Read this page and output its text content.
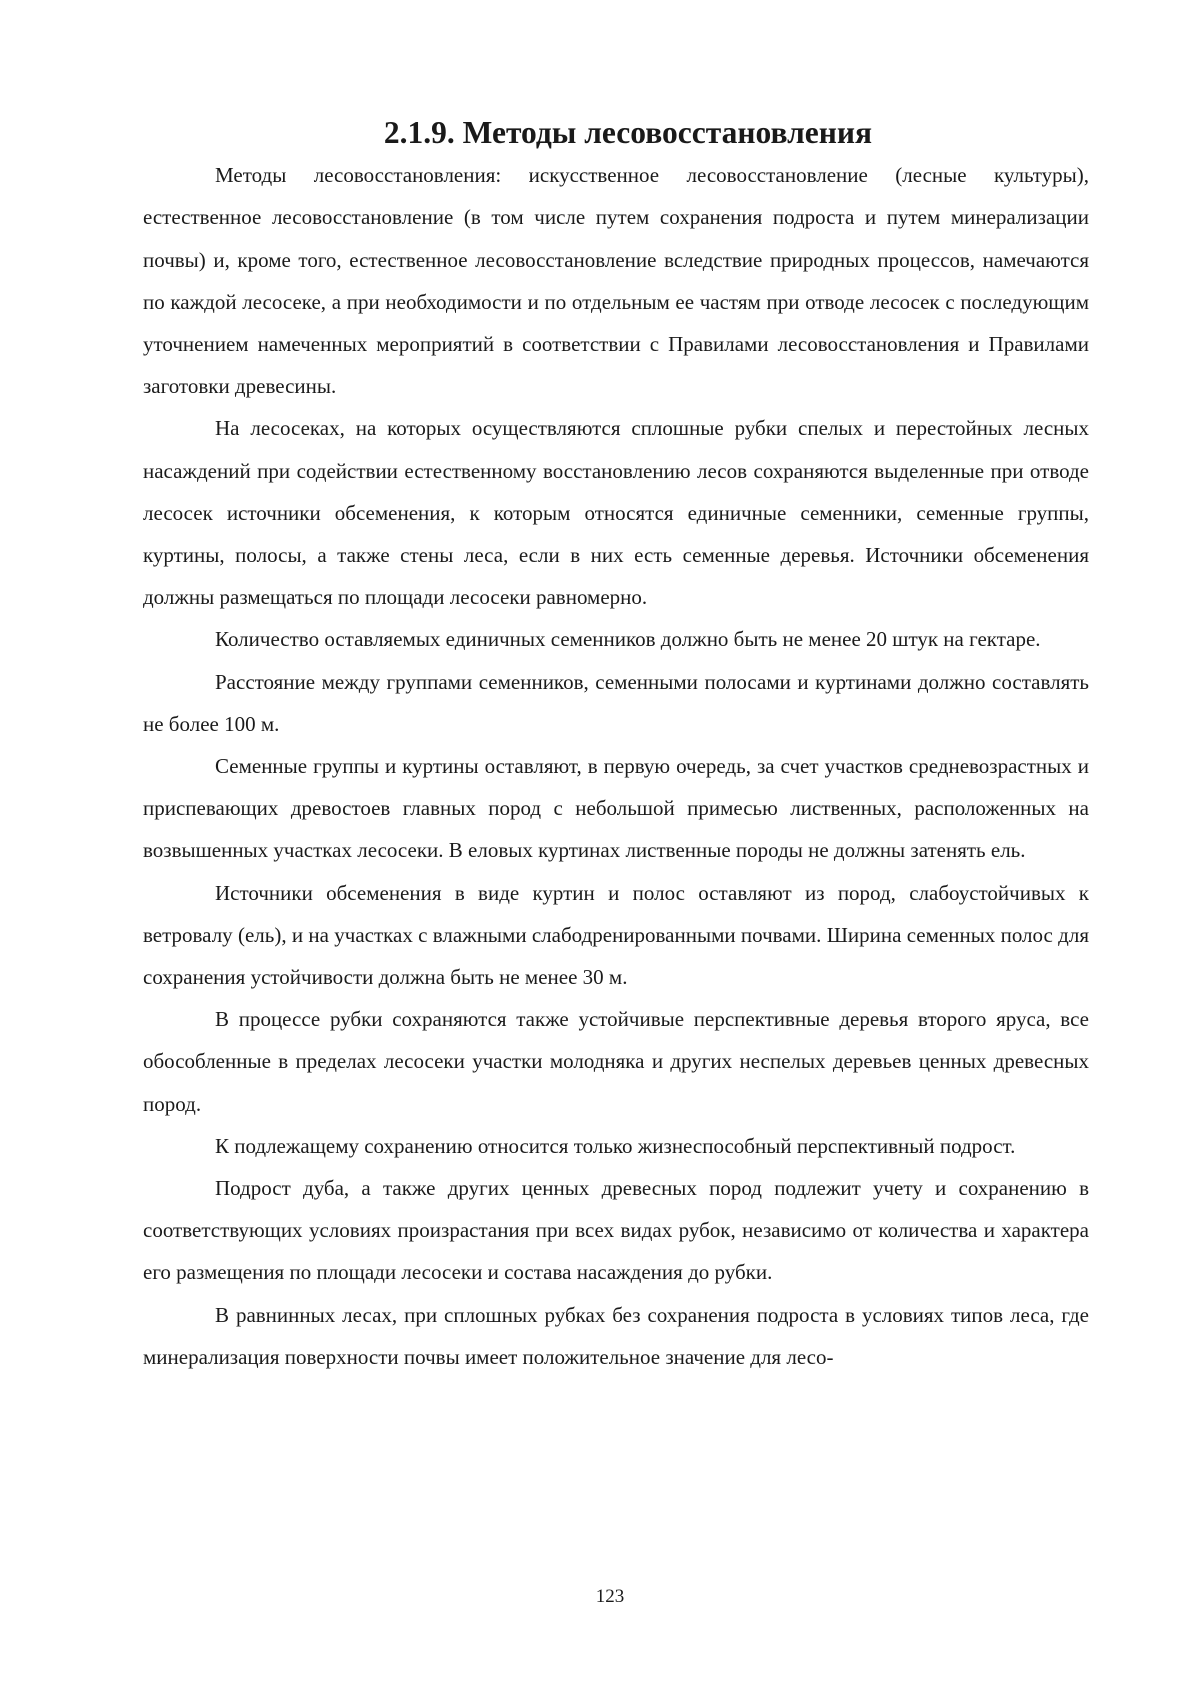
2.1.9. Методы лесовосстановления

Методы лесовосстановления: искусственное лесовосстановление (лесные культуры), естественное лесовосстановление (в том числе путем сохранения подроста и путем минерализации почвы) и, кроме того, естественное лесовосстановление вследствие природных процессов, намечаются по каждой лесосеке, а при необходимости и по отдельным ее частям при отводе лесосек с последующим уточнением намеченных мероприятий в соответствии с Правилами лесовосстановления и Правилами заготовки древесины.

На лесосеках, на которых осуществляются сплошные рубки спелых и перестойных лесных насаждений при содействии естественному восстановлению лесов сохраняются выделенные при отводе лесосек источники обсеменения, к которым относятся единичные семенники, семенные группы, куртины, полосы, а также стены леса, если в них есть семенные деревья. Источники обсеменения должны размещаться по площади лесосеки равномерно.

Количество оставляемых единичных семенников должно быть не менее 20 штук на гектаре.

Расстояние между группами семенников, семенными полосами и куртинами должно составлять не более 100 м.

Семенные группы и куртины оставляют, в первую очередь, за счет участков средневозрастных и приспевающих древостоев главных пород с небольшой примесью лиственных, расположенных на возвышенных участках лесосеки. В еловых куртинах лиственные породы не должны затенять ель.

Источники обсеменения в виде куртин и полос оставляют из пород, слабоустойчивых к ветровалу (ель), и на участках с влажными слабодренированными почвами. Ширина семенных полос для сохранения устойчивости должна быть не менее 30 м.

В процессе рубки сохраняются также устойчивые перспективные деревья второго яруса, все обособленные в пределах лесосеки участки молодняка и других неспелых деревьев ценных древесных пород.

К подлежащему сохранению относится только жизнеспособный перспективный подрост.

Подрост дуба, а также других ценных древесных пород подлежит учету и сохранению в соответствующих условиях произрастания при всех видах рубок, независимо от количества и характера его размещения по площади лесосеки и состава насаждения до рубки.

В равнинных лесах, при сплошных рубках без сохранения подроста в условиях типов леса, где минерализация поверхности почвы имеет положительное значение для лесо-

123
